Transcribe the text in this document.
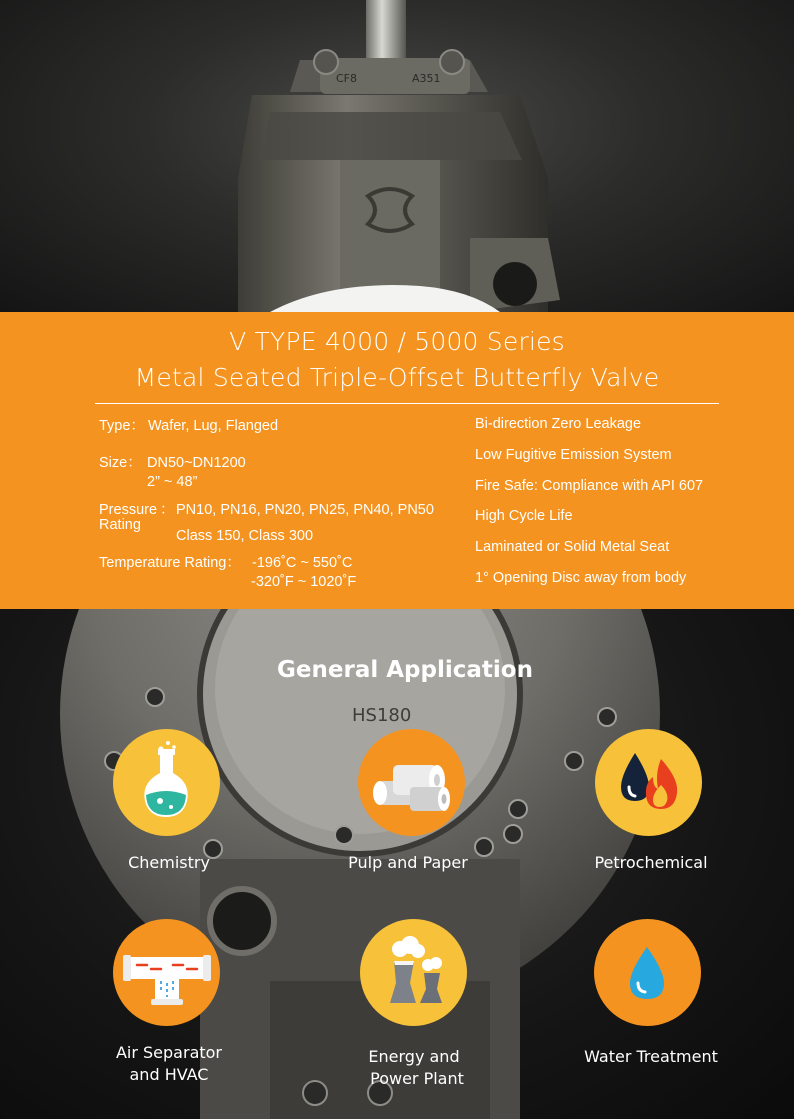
CF8	A351
V TYPE 4000 / 5000 Series
Metal Seated Triple-Offset Butterfly Valve
Type： Wafer, Lug, Flanged
Size： DN50~DN1200
2” ~ 48”
Pressure
Rating
： PN10, PN16, PN20, PN25, PN40, PN50
Class 150, Class 300
Temperature Rating： -196˚C ~ 550˚C
-320˚F ~ 1020˚F
Bi-direction Zero Leakage
Low Fugitive Emission System
Fire Safe: Compliance with API 607
High Cycle Life
Laminated or Solid Metal Seat
1° Opening Disc away from body
HS180
General Application
Chemistry	Pulp and Paper	Petrochemical
Air Separator
and HVAC
Energy and
Power Plant
Water Treatment
